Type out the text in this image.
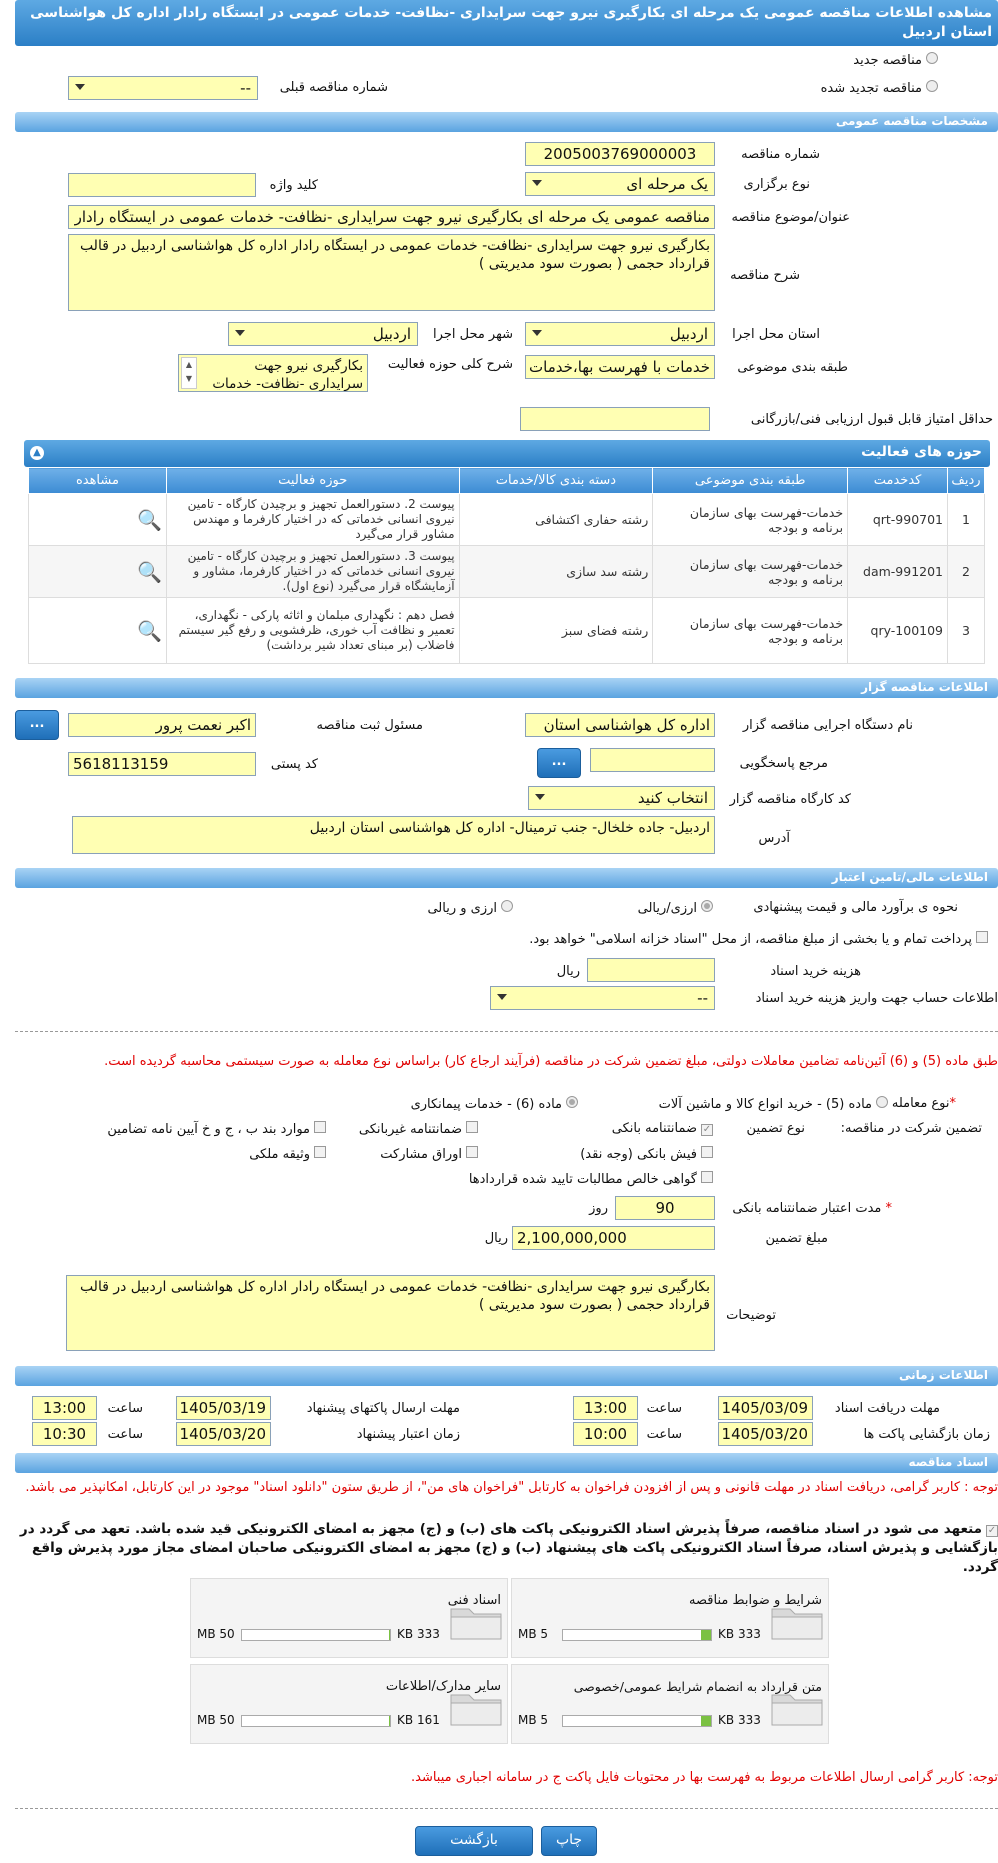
مشاهده اطلاعات مناقصه عمومی یک مرحله ای بکارگیری نیرو جهت سرایداری -نظافت- خدمات عمومی در ایستگاه رادار اداره کل هواشناسی استان اردبیل
مناقصه جدید
مناقصه تجدید شده
شماره مناقصه قبلی
--
مشخصات مناقصه عمومی
شماره مناقصه
2005003769000003
نوع برگزاری
یک مرحله ای
کلید واژه
عنوان/موضوع مناقصه
مناقصه عمومی یک مرحله ای بکارگیری نیرو جهت سرایداری -نظافت- خدمات عمومی در ایستگاه رادار
شرح مناقصه
بکارگیری نیرو جهت سرایداری -نظافت- خدمات عمومی در ایستگاه رادار اداره کل هواشناسی اردبیل در قالب قرارداد حجمی ( بصورت سود مدیریتی )
استان محل اجرا
اردبیل
شهر محل اجرا
اردبیل
طبقه بندی موضوعی
خدمات با فهرست بها،خدمات
شرح کلی حوزه فعالیت
بکارگیری نیرو جهت سرایداری -نظافت- خدمات
▲
▼
حداقل امتیاز قابل قبول ارزیابی فنی/بازرگانی
حوزه های فعالیت
▲
ردیف	کدخدمت	طبقه بندی موضوعی	دسته بندی کالا/خدمات	حوزه فعالیت	مشاهده
1	qrt-990701	خدمات-فهرست بهای سازمان برنامه و بودجه	رشته حفاری اکتشافی	پیوست 2. دستورالعمل تجهیز و برچیدن کارگاه - تامین نیروی انسانی خدماتی که در اختیار کارفرما و مهندس مشاور قرار می‌گیرد	🔍
2	dam-991201	خدمات-فهرست بهای سازمان برنامه و بودجه	رشته سد سازی	پیوست 3. دستورالعمل تجهیز و برچیدن کارگاه - تامین نیروی انسانی خدماتی که در اختیار کارفرما، مشاور و آزمایشگاه قرار می‌گیرد (نوع اول).	🔍
3	qry-100109	خدمات-فهرست بهای سازمان برنامه و بودجه	رشته فضای سبز	فصل دهم : نگهداری مبلمان و اثاثه پارکی - نگهداری، تعمیر و نظافت آب خوری، ظرفشویی و رفع گیر سیستم فاضلاب (بر مبنای تعداد شیر برداشت)	🔍
اطلاعات مناقصه گزار
نام دستگاه اجرایی مناقصه گزار
اداره کل هواشناسی استان
مسئول ثبت مناقصه
اکبر نعمت پرور
...
مرجع پاسخگویی
...
کد پستی
5618113159
کد کارگاه مناقصه گزار
انتخاب کنید
آدرس
اردبیل- جاده خلخال- جنب ترمینال- اداره کل هواشناسی استان اردبیل
اطلاعات مالی/تامین اعتبار
نحوه ی برآورد مالی و قیمت پیشنهادی
ارزی/ریالی
ارزی و ریالی
پرداخت تمام و یا بخشی از مبلغ مناقصه، از محل "اسناد خزانه اسلامی" خواهد بود.
هزینه خرید اسناد
ریال
اطلاعات حساب جهت واریز هزینه خرید اسناد
--
طبق ماده (5) و (6) آئین‌نامه تضامین معاملات دولتی، مبلغ تضمین شرکت در مناقصه (فرآیند ارجاع کار) براساس نوع معامله به صورت سیستمی محاسبه گردیده است.
*نوع معامله
ماده (5) - خرید انواع کالا و ماشین آلات
ماده (6) - خدمات پیمانکاری
تضمین شرکت در مناقصه:
نوع تضمین
✓ضمانتنامه بانکی
ضمانتنامه غیربانکی
موارد بند ب ، ج و خ آیین نامه تضامین
فیش بانکی (وجه نقد)
اوراق مشارکت
وثیقه ملکی
گواهی خالص مطالبات تایید شده قراردادها
* مدت اعتبار ضمانتنامه بانکی
90
روز
مبلغ تضمین
2,100,000,000
ریال
توضیحات
بکارگیری نیرو جهت سرایداری -نظافت- خدمات عمومی در ایستگاه رادار اداره کل هواشناسی اردبیل در قالب قرارداد حجمی ( بصورت سود مدیریتی )
اطلاعات زمانی
مهلت دریافت اسناد
1405/03/09
ساعت
13:00
مهلت ارسال پاکتهای پیشنهاد
1405/03/19
ساعت
13:00
زمان بازگشایی پاکت ها
1405/03/20
ساعت
10:00
زمان اعتبار پیشنهاد
1405/03/20
ساعت
10:30
اسناد مناقصه
توجه : کاربر گرامی، دریافت اسناد در مهلت قانونی و پس از افزودن فراخوان به کارتابل "فراخوان های من"، از طریق ستون "دانلود اسناد" موجود در این کارتابل، امکانپذیر می باشد.
✓متعهد می شود در اسناد مناقصه، صرفاً پذیرش اسناد الکترونیکی پاکت های (ب) و (ج) مجهز به امضای الکترونیکی قید شده باشد. تعهد می گردد در بازگشایی و پذیرش اسناد، صرفاً اسناد الکترونیکی پاکت های پیشنهاد (ب) و (ج) مجهز به امضای الکترونیکی صاحبان امضای مجاز مورد پذیرش واقع گردد.
شرایط و ضوابط مناقصه
5 MB	333 KB
اسناد فنی
50 MB	333 KB
متن قرارداد به انضمام شرایط عمومی/خصوصی
5 MB	333 KB
سایر مدارک/اطلاعات
50 MB	161 KB
توجه: کاربر گرامی ارسال اطلاعات مربوط به فهرست بها در محتویات فایل پاکت ج در سامانه اجباری میباشد.
بازگشت	چاپ
